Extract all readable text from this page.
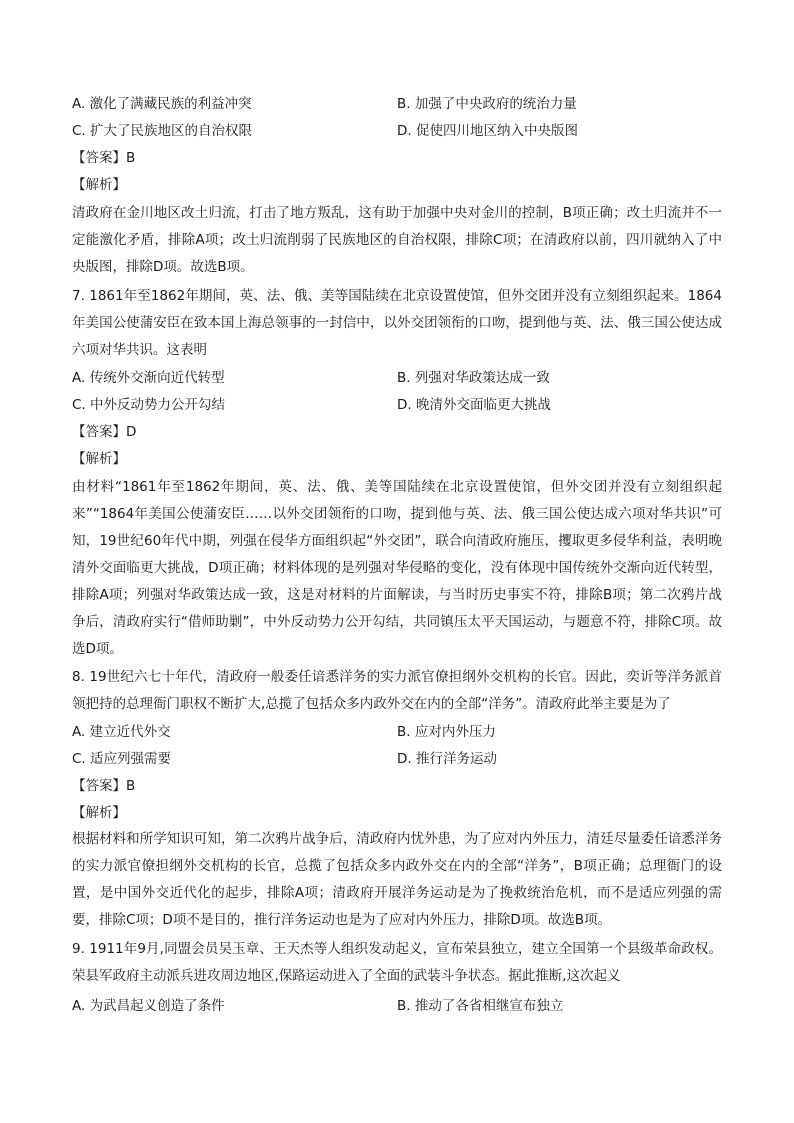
A. 激化了满藏民族的利益冲突	B. 加强了中央政府的统治力量
C. 扩大了民族地区的自治权限	D. 促使四川地区纳入中央版图
【答案】B
【解析】
清政府在金川地区改土归流，打击了地方叛乱，这有助于加强中央对金川的控制，B项正确；改土归流并不一定能激化矛盾，排除A项；改土归流削弱了民族地区的自治权限，排除C项；在清政府以前，四川就纳入了中央版图，排除D项。故选B项。
7. 1861年至1862年期间，英、法、俄、美等国陆续在北京设置使馆，但外交团并没有立刻组织起来。1864年美国公使蒲安臣在致本国上海总领事的一封信中，以外交团领衔的口吻，提到他与英、法、俄三国公使达成六项对华共识。这表明
A. 传统外交渐向近代转型	B. 列强对华政策达成一致
C. 中外反动势力公开勾结	D. 晚清外交面临更大挑战
【答案】D
【解析】
由材料“1861年至1862年期间，英、法、俄、美等国陆续在北京设置使馆，但外交团并没有立刻组织起来”“1864年美国公使蒲安臣……以外交团领衔的口吻，提到他与英、法、俄三国公使达成六项对华共识”可知，19世纪60年代中期，列强在侵华方面组织起“外交团”，联合向清政府施压，攫取更多侵华利益，表明晚清外交面临更大挑战，D项正确；材料体现的是列强对华侵略的变化，没有体现中国传统外交渐向近代转型，排除A项；列强对华政策达成一致，这是对材料的片面解读，与当时历史事实不符，排除B项；第二次鸦片战争后，清政府实行“借师助剿”，中外反动势力公开勾结，共同镇压太平天国运动，与题意不符，排除C项。故选D项。
8. 19世纪六七十年代，清政府一般委任谙悉洋务的实力派官僚担纲外交机构的长官。因此，奕䜣等洋务派首领把持的总理衙门职权不断扩大,总揽了包括众多内政外交在内的全部“洋务”。清政府此举主要是为了
A. 建立近代外交	B. 应对内外压力
C. 适应列强需要	D. 推行洋务运动
【答案】B
【解析】
根据材料和所学知识可知，第二次鸦片战争后，清政府内忧外患，为了应对内外压力，清廷尽量委任谙悉洋务的实力派官僚担纲外交机构的长官，总揽了包括众多内政外交在内的全部“洋务”，B项正确；总理衙门的设置，是中国外交近代化的起步，排除A项；清政府开展洋务运动是为了挽救统治危机，而不是适应列强的需要，排除C项；D项不是目的，推行洋务运动也是为了应对内外压力，排除D项。故选B项。
9. 1911年9月,同盟会员吴玉章、王天杰等人组织发动起义，宣布荣县独立，建立全国第一个县级革命政权。荣县军政府主动派兵进攻周边地区,保路运动进入了全面的武装斗争状态。据此推断,这次起义
A. 为武昌起义创造了条件	B. 推动了各省相继宣布独立
